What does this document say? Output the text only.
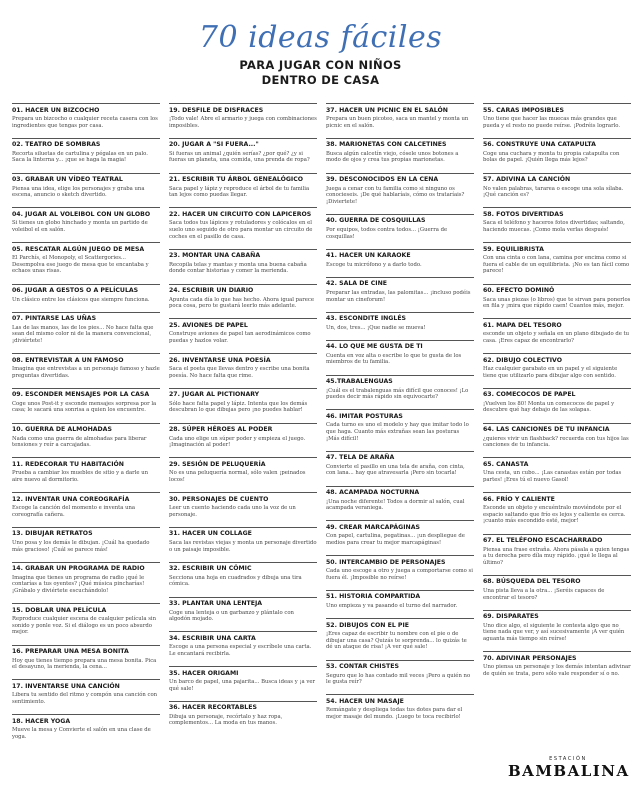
70 ideas fáciles
PARA JUGAR CON NIÑOS
DENTRO DE CASA
01. HACER UN BIZCOCHO
Prepara un bizcocho o cualquier receta casera con los ingredientes que tengas por casa.
02. TEATRO DE SOMBRAS
Recorta siluetas de cartulina y pégalas en un palo. Saca la linterna y... ¡que se haga la magia!
03. GRABAR UN VÍDEO TEATRAL
Piensa una idea, elige los personajes y graba una escena, anuncio o sketch divertido.
04. JUGAR AL VOLEIBOL CON UN GLOBO
Si tienes un globo hinchado y monta un partido de voleibol el en salón.
05. RESCATAR ALGÚN JUEGO DE MESA
El Parchís, el Monopoly, el Scattergories... Desempolva ese juego de mesa que te encantaba y echaos unas risas.
06. JUGAR A GESTOS O A PELÍCULAS
Un clásico entre los clásicos que siempre funciona.
07. PINTARSE LAS UÑAS
Las de las manos, las de los pies... No hace falta que sean del mismo color ni de la manera convencional, ¡diviértete!
08. ENTREVISTAR A UN FAMOSO
Imagina que entrevistas a un personaje famoso y hazle preguntas divertidas.
09. ESCONDER MENSAJES POR LA CASA
Coge unos Post-it y esconde mensajes sorpresa por la casa; le sacará una sonrisa a quien los encuentre.
10. GUERRA DE ALMOHADAS
Nada como una guerra de almohadas para liberar tensiones y reír a carcajadas.
11. REDECORAR TU HABITACIÓN
Prueba a cambiar los muebles de sitio y a darle un aire nuevo al dormitorio.
12. INVENTAR UNA COREOGRAFÍA
Escoge la canción del momento e inventa una coreografía cañera.
13. DIBUJAR RETRATOS
Uno posa y los demás le dibujan. ¡Cuál ha quedado más gracioso! ¡Cuál se parece más!
14. GRABAR UN PROGRAMA DE RADIO
Imagina que tienes un programa de radio ¡qué le contarías a tus oyentes? ¡Qué música pincharías! ¡Grábalo y diviértete escuchándolo!
15. DOBLAR UNA PELÍCULA
Reproduce cualquier escena de cualquier película sin sonido y ponle voz. Si el diálogo es un poco absurdo mejor.
16. PREPARAR UNA MESA BONITA
Hoy que tienes tiempo prepara una mesa bonita. Pica el desayuno, la merienda, la cena...
17. INVENTARSE UNA CANCIÓN
Libera tu sentido del ritmo y compón una canción con sentimiento.
18. HACER YOGA
Mueve la mesa y Convierte el salón en una clase de yoga.
19. DESFILE DE DISFRACES
¡Todo vale! Abre el armario y juega con combinaciones imposibles.
20. JUGAR A "SI FUERA..."
Si fueras un animal ¿quién serías? ¿por qué? ¿y si fueras un planeta, una comida, una prenda de ropa?
21. ESCRIBIR TU ÁRBOL GENEALÓGICO
Saca papel y lápiz y reproduce el árbol de tu familia tan lejos como puedas llegar.
22. HACER UN CIRCUITO CON LAPICEROS
Saca todos tus lápices y rotuladores y colócalos en el suelo uno seguido de otro para montar un circuito de coches en el pasillo de casa.
23. MONTAR UNA CABAÑA
Recopila telas y mantas y monta una buena cabaña donde contar historias y comer la merienda.
24. ESCRIBIR UN DIARIO
Apunta cada día lo que has hecho. Ahora igual parece poca cosa, pero te gustará leerlo más adelante.
25. AVIONES DE PAPEL
Construye aviones de papel tan aerodinámicos como puedas y hazlos volar.
26. INVENTARSE UNA POESÍA
Saca el poeta que llevas dentro y escribe una bonita poesía. No hace falta que rime.
27. JUGAR AL PICTIONARY
Sólo hace falta papel y lápiz. Intenta que los demás descubran lo que dibujas pero ¡no puedes hablar!
28. SÚPER HÉROES AL PODER
Cada uno elige un súper poder y empieza el juego. ¡Imaginación al poder!
29. SESIÓN DE PELUQUERÍA
No es una peluquería normal, sólo valen ¡peinados locos!
30. PERSONAJES DE CUENTO
Leer un cuento haciendo cada uno la voz de un personaje.
31. HACER UN COLLAGE
Saca las revistas viejas y monta un personaje divertido o un paisaje imposible.
32. ESCRIBIR UN CÓMIC
Secciona una hoja en cuadrados y dibuja una tira cómica.
33. PLANTAR UNA LENTEJA
Coge una lenteja o un garbanzo y plántalo con algodón mojado.
34. ESCRIBIR UNA CARTA
Escoge a una persona especial y escríbele una carta. Le encantará recibirla.
35. HACER ORIGAMI
Un barco de papel, una pajarita... Busca ideas y ¡a ver qué sale!
36. HACER RECORTABLES
Dibuja un personaje, recórtalo y haz ropa, complementos... La moda en tus manos.
37. HACER UN PICNIC EN EL SALÓN
Prepara un buen picoteo, saca un mantel y monta un picnic en el salón.
38. MARIONETAS CON CALCETINES
Busca algún calcetín viejo, cósele unos botones a modo de ojos y crea tus propias marionetas.
39. DESCONOCIDOS EN LA CENA
Juega a cenar con tu familia como si ninguno os conocieseis. ¡De qué hablaríais, cómo os trataríais? ¡Diviertete!
40. GUERRA DE COSQUILLAS
Por equipos, todos contra todos... ¡Guerra de cosquillas!
41. HACER UN KARAOKE
Escoge tu micrófono y a darlo todo.
42. SALA DE CINE
Preparar las entradas, las palomitas... ¡incluso podéis montar un cineforum!
43. ESCONDITE INGLÉS
Un, dos, tres... ¡Que nadie se mueva!
44. LO QUE ME GUSTA DE TI
Cuenta en voz alta o escribe lo que te gusta de los miembros de tu familia.
45.TRABALENGUAS
¡Cuál es el trabalenguas más difícil que conoces! ¡Lo puedes decir más rápido sin equivocarte?
46. IMITAR POSTURAS
Cada turno es uno el modelo y hay que imitar todo lo que haga. Cuanto más extrañas sean las posturas ¡Más difícil!
47. TELA DE ARAÑA
Convierte el pasillo en una tela de araña, con cinta, con lana... hay que atravesarla ¡Pero sin tocarla!
48. ACAMPADA NOCTURNA
¡Una noche diferente! Todos a dormir al salón, cual acampada veraniega.
49. CREAR MARCAPÁGINAS
Con papel, cartulina, pegatinas... ¡un despliegue de medios para crear tu mejor marcapáginas!
50. INTERCAMBIO DE PERSONAJES
Cada uno escoge a otro y juega a comportarse como si fuera él. ¡Imposible no reírse!
51. HISTORIA COMPARTIDA
Uno empieza y va pasando el turno del narrador.
52. DIBUJOS CON EL PIE
¡Eres capaz de escribir tu nombre con el pie o de dibujar una casa? Quizás te sorprenda... lo quizás te dé un ataque de risa! ¡A ver qué sale!
53. CONTAR CHISTES
Seguro que lo has contado mil veces ¡Pero a quién no le gusta reír?
54. HACER UN MASAJE
Remángate y despliega todas tus dotes para dar el mejor masaje del mundo. ¡Luego te toca recibirlo!
55. CARAS IMPOSIBLES
Uno tiene que hacer las muecas más grandes que pueda y el resto no puede reírse. ¡Podréis lograrlo.
56. CONSTRUYE UNA CATAPULTA
Coge una cuchara y monta tu propia catapulta con bolas de papel. ¡Quién llega más lejos?
57. ADIVINA LA CANCIÓN
No valen palabras, tararea o escoge una sola sílaba. ¡Qué canción es?
58. FOTOS DIVERTIDAS
Saca el teléfono y haceros fotos divertidas; saltando, haciendo muecas. ¡Como mola verlas después!
59. EQUILIBRISTA
Con una cinta o con lana, camina por encima como si fuera el cable de un equilibrista. ¡No es tan fácil como parece!
60. EFECTO DOMINÓ
Saca unas piezas (o libros) que te sirvan para ponerlos en fila y ¡mira que rápido caen! Cuantos más, mejor.
61. MAPA DEL TESORO
esconde un objeto y señala en un plano dibujado de tu casa. ¡Eres capaz de encontrarlo?
62. DIBUJO COLECTIVO
Haz cualquier garabato en un papel y el siguiente tiene que utilizarlo para dibujar algo con sentido.
63. COMECOCOS DE PAPEL
¡Vuelven los 80! Monta un comecocos de papel y descubre qué hay debajo de las solapas.
64. LAS CANCIONES DE TU INFANCIA
¿quieres vivir un flashback? recuerda con tus hijos las canciones de tu infancia.
65. CANASTA
Una cesta, un cubo... ¡Las canastas están por todas partes! ¡Eres tú el nuevo Gasol!
66. FRÍO Y CALIENTE
Esconde un objeto y encuéntralo moviéndote por el espacio saltando que frío es lejos y caliente es cerca. ¡cuanto más escondido esté, mejor!
67. EL TELÉFONO ESCACHARRADO
Piensa una frase extraña. Ahora pásala a quien tengas a tu derecha pero díla muy rápido. ¡qué le llega al último?
68. BÚSQUEDA DEL TESORO
Una pista lleva a la otra... ¡Seréis capaces de encontrar el tesoro?
69. DISPARATES
Uno dice algo, el siguiente le contesta algo que no tiene nada que ver, y así sucesivamente ¡A ver quién aguanta más tiempo sin reírse!
70. ADIVINAR PERSONAJES
Uno piensa un personaje y los demás intentan adivinar de quién se trata, pero sólo vale responder sí o no.
ESTACIÓN
BAMBALINA
